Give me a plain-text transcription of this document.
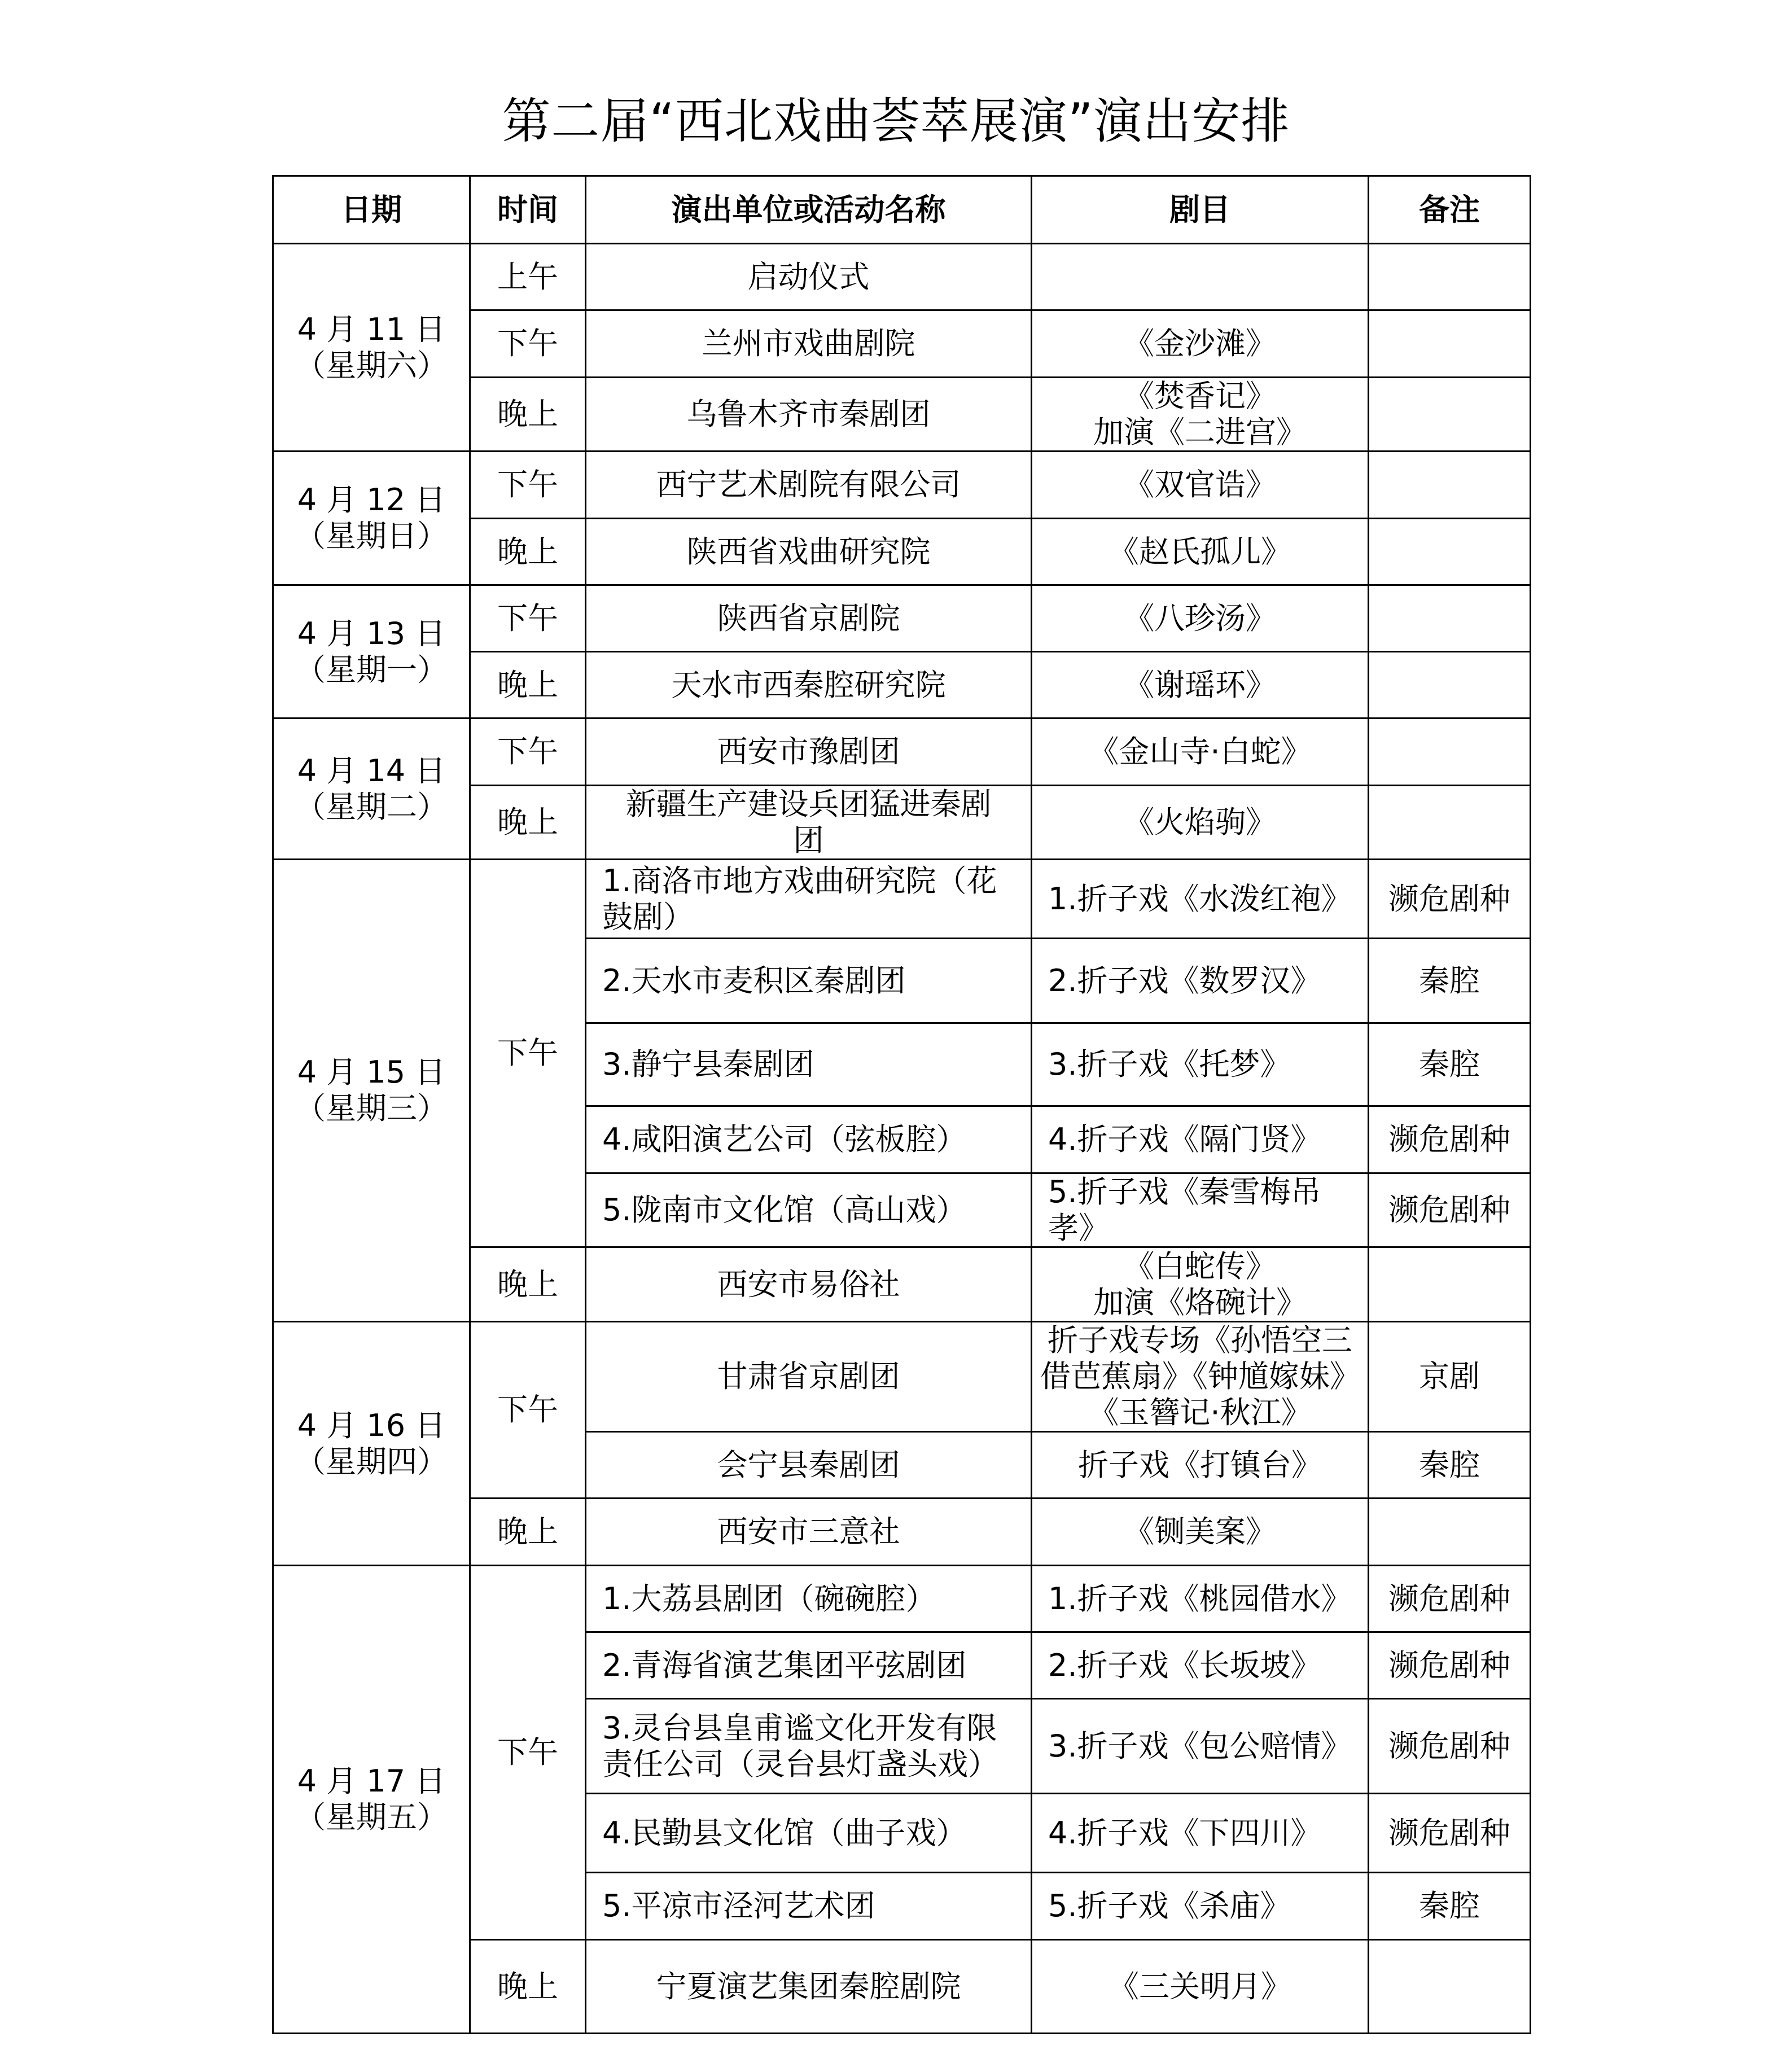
第二届“西北戏曲荟萃展演”演出安排
日期	时间	演出单位或活动名称	剧目	备注

4 月 11 日
（星期六）	上午	启动仪式		
	下午	兰州市戏曲剧院	《金沙滩》	
	晚上	乌鲁木齐市秦剧团	《焚香记》
加演《二进宫》	

4 月 12 日
（星期日）	下午	西宁艺术剧院有限公司	《双官诰》	
	晚上	陕西省戏曲研究院	《赵氏孤儿》	

4 月 13 日
（星期一）	下午	陕西省京剧院	《八珍汤》	
	晚上	天水市西秦腔研究院	《谢瑶环》	

4 月 14 日
（星期二）	下午	西安市豫剧团	《金山寺·白蛇》	
	晚上	新疆生产建设兵团猛进秦剧
团	《火焰驹》	

4 月 15 日
（星期三）	下午	1.商洛市地方戏曲研究院（花
鼓剧）	1.折子戏《水泼红袍》	濒危剧种
		2.天水市麦积区秦剧团	2.折子戏《数罗汉》	秦腔
		3.静宁县秦剧团	3.折子戏《托梦》	秦腔
		4.咸阳演艺公司（弦板腔）	4.折子戏《隔门贤》	濒危剧种
		5.陇南市文化馆（高山戏）	5.折子戏《秦雪梅吊
孝》	濒危剧种
	晚上	西安市易俗社	《白蛇传》
加演《烙碗计》	

4 月 16 日
（星期四）	下午	甘肃省京剧团	折子戏专场《孙悟空三
借芭蕉扇》《钟馗嫁妹》
《玉簪记·秋江》	京剧
		会宁县秦剧团	折子戏《打镇台》	秦腔
	晚上	西安市三意社	《铡美案》	

4 月 17 日
（星期五）	下午	1.大荔县剧团（碗碗腔）	1.折子戏《桃园借水》	濒危剧种
		2.青海省演艺集团平弦剧团	2.折子戏《长坂坡》	濒危剧种

		3.灵台县皇甫谧文化开发有限
责任公司（灵台县灯盏头戏）	3.折子戏《包公赔情》	濒危剧种
		4.民勤县文化馆（曲子戏）	4.折子戏《下四川》	濒危剧种
		5.平凉市泾河艺术团	5.折子戏《杀庙》	秦腔
	晚上	宁夏演艺集团秦腔剧院	《三关明月》	
